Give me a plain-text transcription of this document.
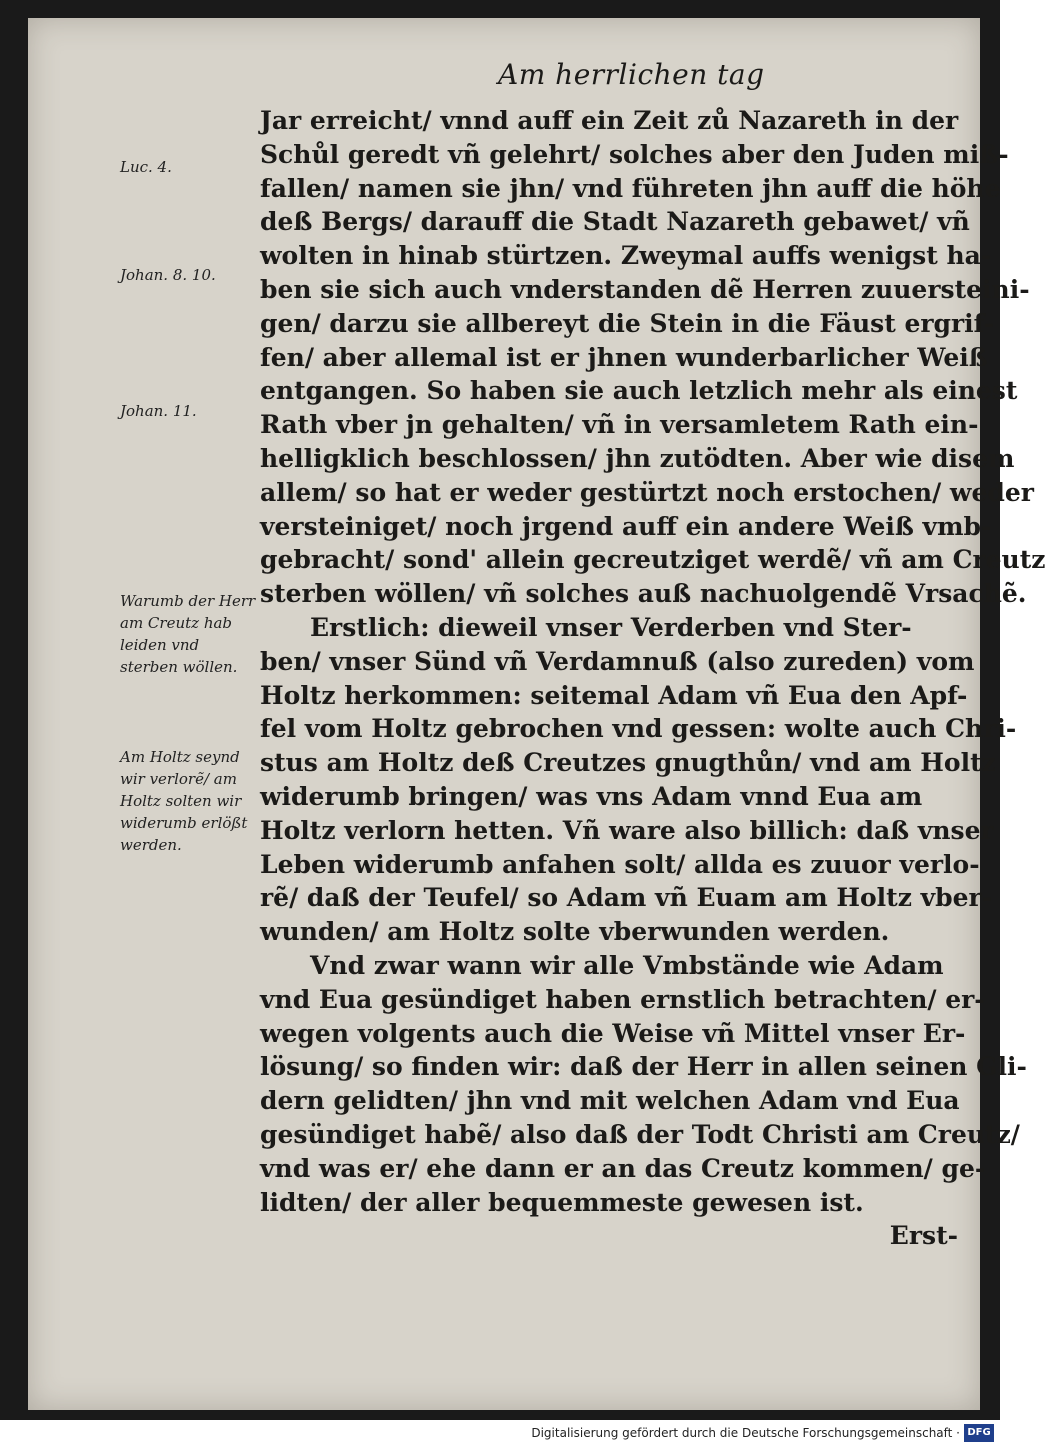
Am herrlichen tag
Luc. 4.
Johan. 8. 10.
Johan. 11.
Warumb der Herr am Creutz hab leiden vnd sterben wöllen.
Am Holtz seynd wir verlorẽ/ am Holtz solten wir widerumb erlößt werden.
Jar erreicht/ vnnd auff ein Zeit zů Nazareth in der
Schůl geredt vñ gelehrt/ solches aber den Juden miß-
fallen/ namen sie jhn/ vnd führeten jhn auff die höhe
deß Bergs/ darauff die Stadt Nazareth gebawet/ vñ
wolten in hinab stürtzen. Zweymal auffs wenigst ha-
ben sie sich auch vnderstanden dẽ Herren zuuersteini-
gen/ darzu sie allbereyt die Stein in die Fäust ergrif-
fen/ aber allemal ist er jhnen wunderbarlicher Weiß
entgangen. So haben sie auch letzlich mehr als einest
Rath vber jn gehalten/ vñ in versamletem Rath ein-
helligklich beschlossen/ jhn zutödten. Aber wie disem
allem/ so hat er weder gestürtzt noch erstochen/ weder
versteiniget/ noch jrgend auff ein andere Weiß vmb-
gebracht/ sond' allein gecreutziget werdẽ/ vñ am Creutz
sterben wöllen/ vñ solches auß nachuolgendẽ Vrsachẽ.
Erstlich: dieweil vnser Verderben vnd Ster-
ben/ vnser Sünd vñ Verdamnuß (also zureden) vom
Holtz herkommen: seitemal Adam vñ Eua den Apf-
fel vom Holtz gebrochen vnd gessen: wolte auch Chri-
stus am Holtz deß Creutzes gnugthůn/ vnd am Holtz
widerumb bringen/ was vns Adam vnnd Eua am
Holtz verlorn hetten. Vñ ware also billich: daß vnser
Leben widerumb anfahen solt/ allda es zuuor verlo-
rẽ/ daß der Teufel/ so Adam vñ Euam am Holtz vber-
wunden/ am Holtz solte vberwunden werden.
Vnd zwar wann wir alle Vmbstände wie Adam
vnd Eua gesündiget haben ernstlich betrachten/ er-
wegen volgents auch die Weise vñ Mittel vnser Er-
lösung/ so finden wir: daß der Herr in allen seinen Gli-
dern gelidten/ jhn vnd mit welchen Adam vnd Eua
gesündiget habẽ/ also daß der Todt Christi am Creutz/
vnd was er/ ehe dann er an das Creutz kommen/ ge-
lidten/ der aller bequemmeste gewesen ist.
Erst-
Digitalisierung gefördert durch die Deutsche Forschungsgemeinschaft · DFG
